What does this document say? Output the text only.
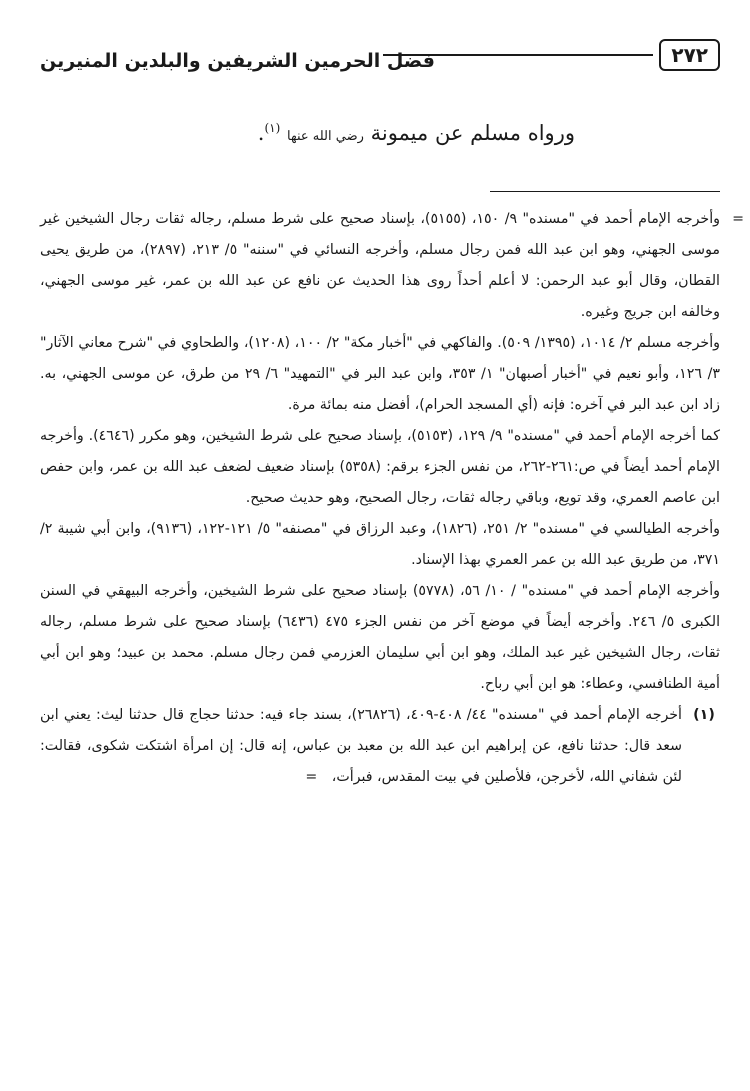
٢٧٢
فضل الحرمين الشريفين والبلدين المنيرين
ورواه مسلم عن ميمونة رضي الله عنها $^{(١)}$.

=
وأخرجه الإمام أحمد في "مسنده" ٩/ ١٥٠، (٥١٥٥)، بإسناد صحيح على شرط مسلم، رجاله ثقات رجال الشيخين غير موسى الجهني، وهو ابن عبد الله فمن رجال مسلم، وأخرجه النسائي في "سننه" ٥/ ٢١٣، (٢٨٩٧)، من طريق يحيى القطان، وقال أبو عبد الرحمن: لا أعلم أحداً روى هذا الحديث عن نافع عن عبد الله بن عمر، غير موسى الجهني، وخالفه ابن جريج وغيره.

وأخرجه مسلم ٢/ ١٠١٤، (١٣٩٥/ ٥٠٩). والفاكهي في "أخبار مكة" ٢/ ١٠٠، (١٢٠٨)، والطحاوي في "شرح معاني الآثار" ٣/ ١٢٦، وأبو نعيم في "أخبار أصبهان" ١/ ٣٥٣، وابن عبد البر في "التمهيد" ٦/ ٢٩ من طرق، عن موسى الجهني، به. زاد ابن عبد البر في آخره: فإنه (أي المسجد الحرام)، أفضل منه بمائة مرة.

كما أخرجه الإمام أحمد في "مسنده" ٩/ ١٢٩، (٥١٥٣)، بإسناد صحيح على شرط الشيخين، وهو مكرر (٤٦٤٦). وأخرجه الإمام أحمد أيضاً في ص:٢٦١-٢٦٢، من نفس الجزء برقم: (٥٣٥٨) بإسناد ضعيف لضعف عبد الله بن عمر، وابن حفص ابن عاصم العمري، وقد تويع، وباقي رجاله ثقات، رجال الصحيح، وهو حديث صحيح.

وأخرجه الطيالسي في "مسنده" ٢/ ٢٥١، (١٨٢٦)، وعبد الرزاق في "مصنفه" ٥/ ١٢١-١٢٢، (٩١٣٦)، وابن أبي شيبة ٢/ ٣٧١، من طريق عبد الله بن عمر العمري بهذا الإسناد.

وأخرجه الإمام أحمد في "مسنده" / ١٠/ ٥٦، (٥٧٧٨) بإسناد صحيح على شرط الشيخين، وأخرجه البيهقي في السنن الكبرى ٥/ ٢٤٦. وأخرجه أيضاً في موضع آخر من نفس الجزء ٤٧٥ (٦٤٣٦) بإسناد صحيح على شرط مسلم، رجاله ثقات، رجال الشيخين غير عبد الملك، وهو ابن أبي سليمان العزرمي فمن رجال مسلم. محمد بن عبيد؛ وهو ابن أبي أمية الطنافسي، وعطاء: هو ابن أبي رباح.

(١)
أخرجه الإمام أحمد في "مسنده" ٤٤/ ٤٠٨-٤٠٩، (٢٦٨٢٦)، بسند جاء فيه: حدثنا حجاج قال حدثنا ليث: يعني ابن سعد قال: حدثنا نافع، عن إبراهيم ابن عبد الله بن معبد بن عباس، إنه قال: إن امرأة اشتكت شكوى، فقالت: لئن شفاني الله، لأخرجن، فلأصلين في بيت المقدس، فبرأت، =
